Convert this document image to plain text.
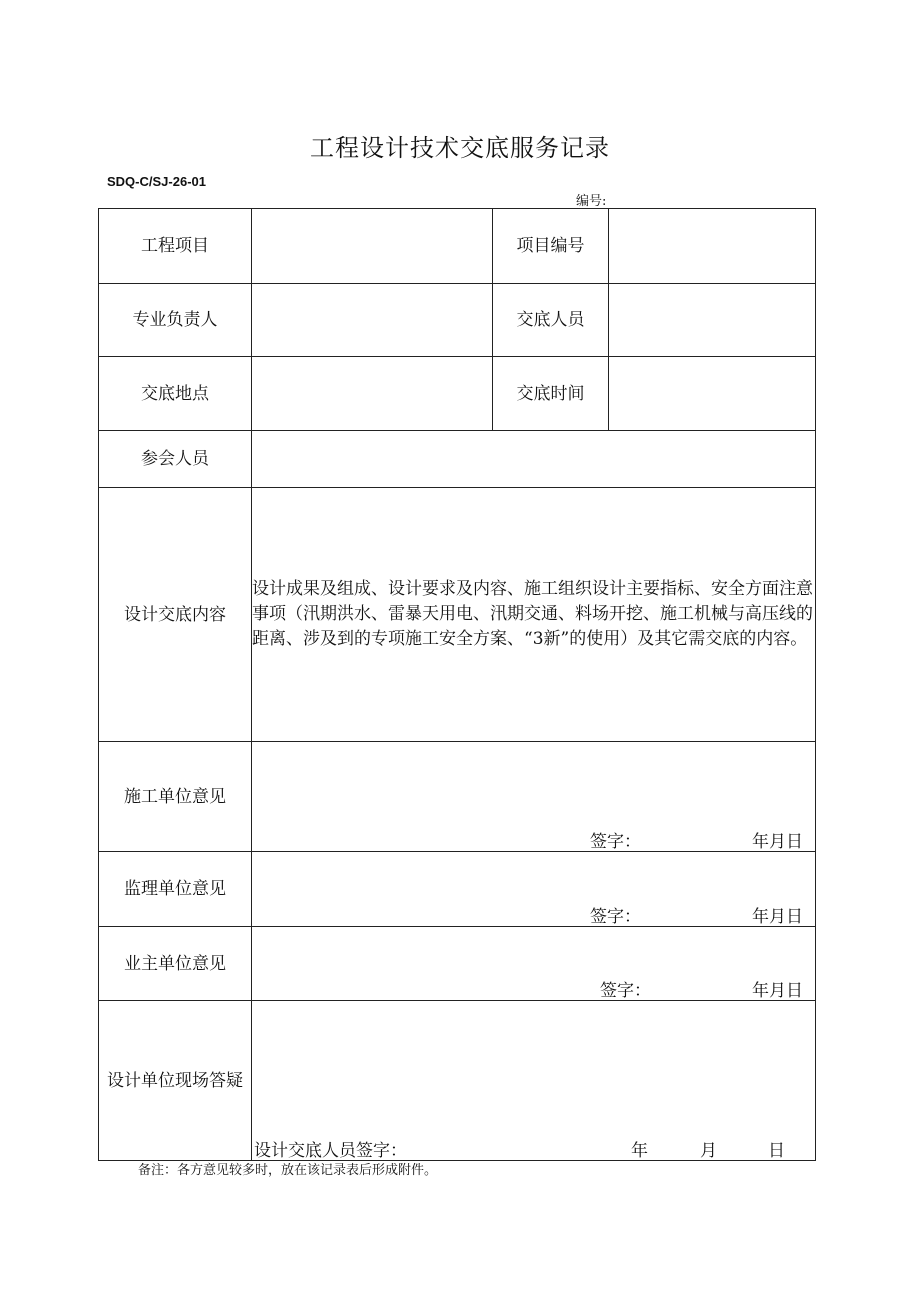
工程设计技术交底服务记录
SDQ-C/SJ-26-01
编号:
工程项目		项目编号	
专业负责人		交底人员	
交底地点		交底时间	
参会人员			
设计交底内容	设计成果及组成、设计要求及内容、施工组织设计主要指标、安全方面注意事项（汛期洪水、雷暴天用电、汛期交通、料场开挖、施工机械与高压线的距离、涉及到的专项施工安全方案、“3新”的使用）及其它需交底的内容。		
施工单位意见	签字： 年月日		

监理单位意见	签字： 年月日		

业主单位意见	签字： 年月日		

设计单位现场答疑	设计交底人员签字： 年 月 日		
备注：各方意见较多时，放在该记录表后形成附件。
